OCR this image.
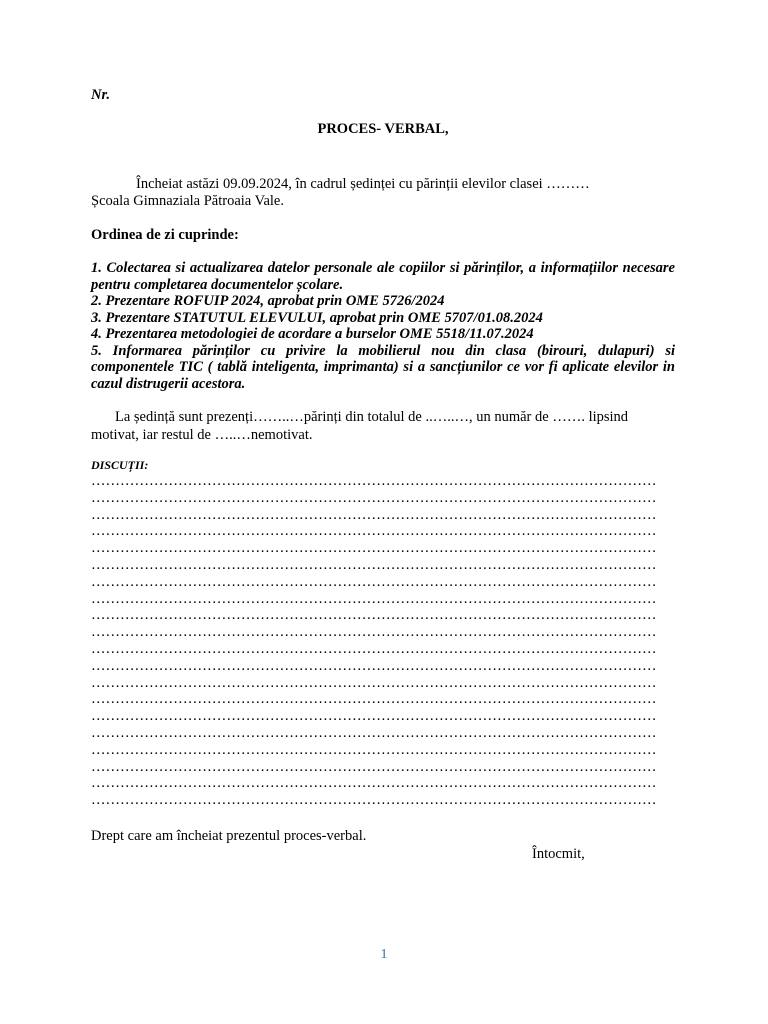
Nr.

PROCES- VERBAL,

Încheiat astăzi 09.09.2024, în cadrul ședinței cu părinții elevilor clasei ………
Școala Gimnaziala Pătroaia Vale.

Ordinea de zi cuprinde:

1. Colectarea si actualizarea datelor personale ale copiilor si părinților, a informațiilor necesare pentru completarea documentelor școlare.
2. Prezentare ROFUIP 2024, aprobat prin OME 5726/2024
3. Prezentare STATUTUL ELEVULUI, aprobat prin OME 5707/01.08.2024
4. Prezentarea metodologiei de acordare a burselor OME 5518/11.07.2024
5. Informarea părinților cu privire la mobilierul nou din clasa (birouri, dulapuri) si componentele TIC ( tablă inteligenta, imprimanta) si a sancțiunilor ce vor fi aplicate elevilor in cazul distrugerii acestora.

La ședință sunt prezenți……..…părinți din totalul de ..…..…, un număr de ……. lipsind motivat, iar restul de …..…nemotivat.

DISCUȚII:

………………………………………………………………………………………………………
………………………………………………………………………………………………………
………………………………………………………………………………………………………
………………………………………………………………………………………………………
………………………………………………………………………………………………………
………………………………………………………………………………………………………
………………………………………………………………………………………………………
………………………………………………………………………………………………………
………………………………………………………………………………………………………
………………………………………………………………………………………………………
………………………………………………………………………………………………………
………………………………………………………………………………………………………
………………………………………………………………………………………………………
………………………………………………………………………………………………………
………………………………………………………………………………………………………
………………………………………………………………………………………………………
………………………………………………………………………………………………………
………………………………………………………………………………………………………
………………………………………………………………………………………………………
………………………………………………………………………………………………………

Drept care am încheiat prezentul proces-verbal.

Întocmit,

1
